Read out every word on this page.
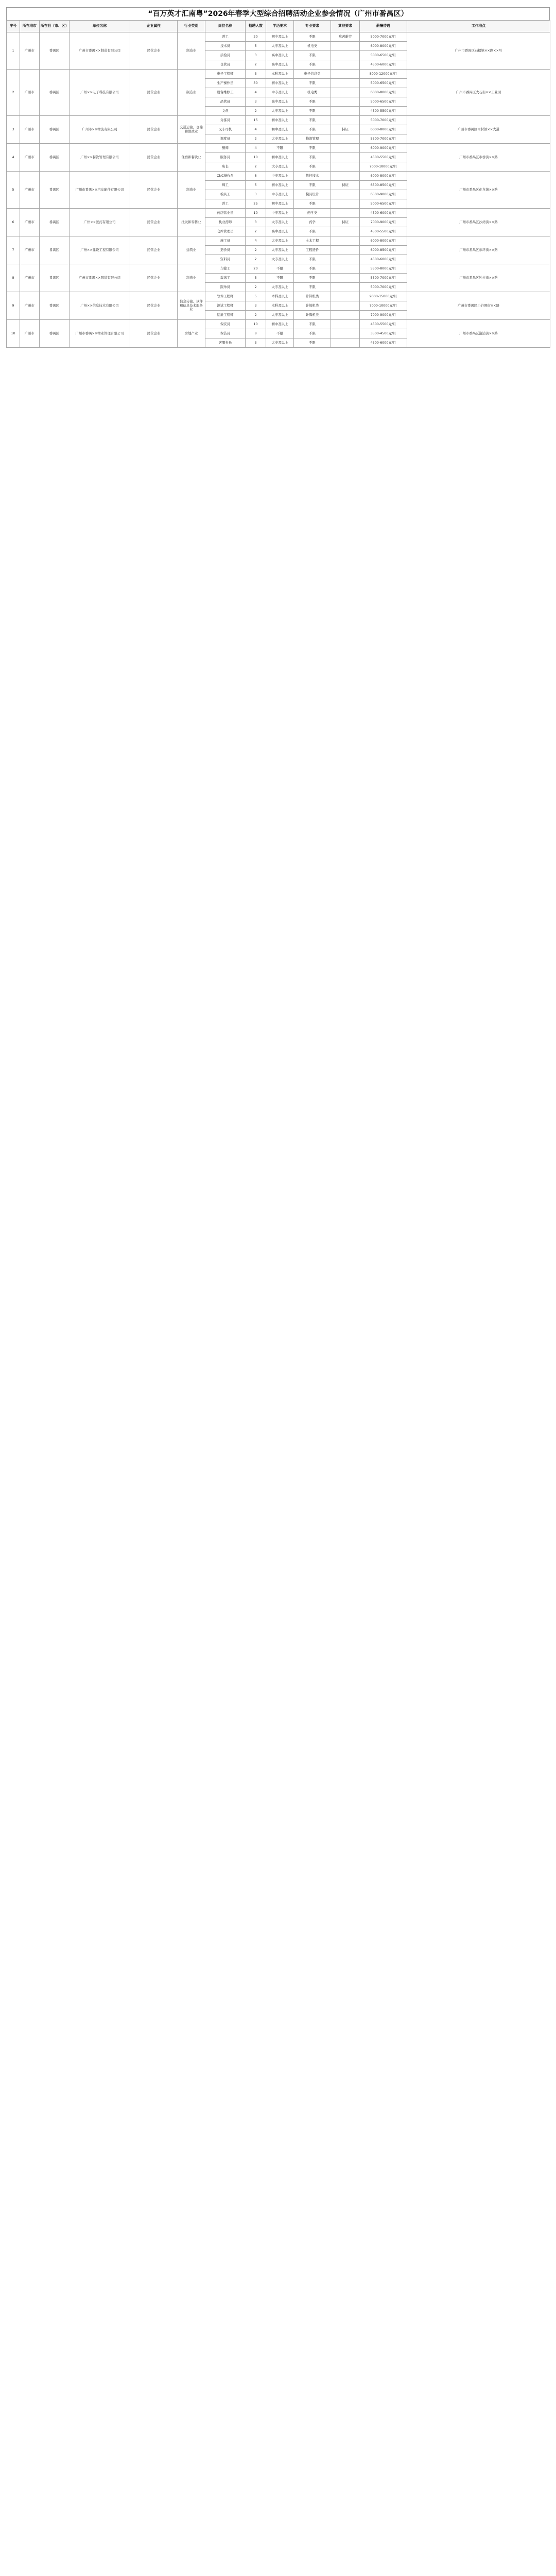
“百万英才汇南粤”2026年春季大型综合招聘活动企业参会情况（广州市番禺区）
序号	所在地市	所在县（市、区）	单位名称	企业属性	行业类别	岗位名称	招聘人数	学历要求	专业要求	其他要求	薪酬待遇	工作地点
1	广州市	番禺区	广州市番禺××制造有限公司	民营企业	制造业	普工	20	初中及以上	不限	吃苦耐劳	5000-7000元/月	广州市番禺区石楼镇××路××号
						技术员	5	大专及以上	机电类		6000-8000元/月	
						质检员	3	高中及以上	不限		5000-6500元/月	
						仓管员	2	高中及以上	不限		4500-6000元/月	
2	广州市	番禺区	广州××电子科技有限公司	民营企业	制造业	电子工程师	3	本科及以上	电子信息类		8000-12000元/月	广州市番禺区大石街××工业园
						生产操作员	30	初中及以上	不限		5000-6500元/月	
						设备维修工	4	中专及以上	机电类		6000-8000元/月	
						品管员	3	高中及以上	不限		5000-6500元/月	
						文员	2	大专及以上	不限		4500-5500元/月	
3	广州市	番禺区	广州市××物流有限公司	民营企业	交通运输、仓储和邮政业	分拣员	15	初中及以上	不限		5000-7000元/月	广州市番禺区南村镇××大道
						叉车司机	4	初中及以上	不限	持证	6000-8000元/月	
						调度员	2	大专及以上	物流管理		5500-7000元/月	
4	广州市	番禺区	广州××餐饮管理有限公司	民营企业	住宿和餐饮业	厨师	4	不限	不限		6000-9000元/月	广州市番禺区市桥街××路
						服务员	10	初中及以上	不限		4500-5500元/月	
						店长	2	大专及以上	不限		7000-10000元/月	
5	广州市	番禺区	广州市番禺××汽车配件有限公司	民营企业	制造业	CNC操作员	8	中专及以上	数控技术		6000-8000元/月	广州市番禺区化龙镇××路
						焊工	5	初中及以上	不限	持证	6500-8500元/月	
						模具工	3	中专及以上	模具设计		6500-9000元/月	
						普工	25	初中及以上	不限		5000-6500元/月	
6	广州市	番禺区	广州××医药有限公司	民营企业	批发和零售业	药店营业员	10	中专及以上	药学类		4500-6000元/月	广州市番禺区沙湾街××路
						执业药师	3	大专及以上	药学	持证	7000-9000元/月	
						仓库管理员	2	高中及以上	不限		4500-5500元/月	
7	广州市	番禺区	广州××建设工程有限公司	民营企业	建筑业	施工员	4	大专及以上	土木工程		6000-8000元/月	广州市番禺区东环街××路
						造价员	2	大专及以上	工程造价		6000-8500元/月	
						资料员	2	大专及以上	不限		4500-6000元/月	
8	广州市	番禺区	广州市番禺××服装有限公司	民营企业	制造业	车缝工	20	不限	不限		5500-8000元/月	广州市番禺区钟村街××路
						裁床工	5	不限	不限		5500-7000元/月	
						跟单员	2	大专及以上	不限		5000-7000元/月	
9	广州市	番禺区	广州××信息技术有限公司	民营企业	信息传输、软件和信息技术服务业	软件工程师	5	本科及以上	计算机类		9000-15000元/月	广州市番禺区小谷围街××路
						测试工程师	3	本科及以上	计算机类		7000-10000元/月	
						运维工程师	2	大专及以上	计算机类		7000-9000元/月	
10	广州市	番禺区	广州市番禺××物业管理有限公司	民营企业	房地产业	保安员	10	初中及以上	不限		4500-5500元/月	广州市番禺区洛浦街××路
						保洁员	8	不限	不限		3500-4500元/月	
						客服专员	3	大专及以上	不限		4500-6000元/月	
